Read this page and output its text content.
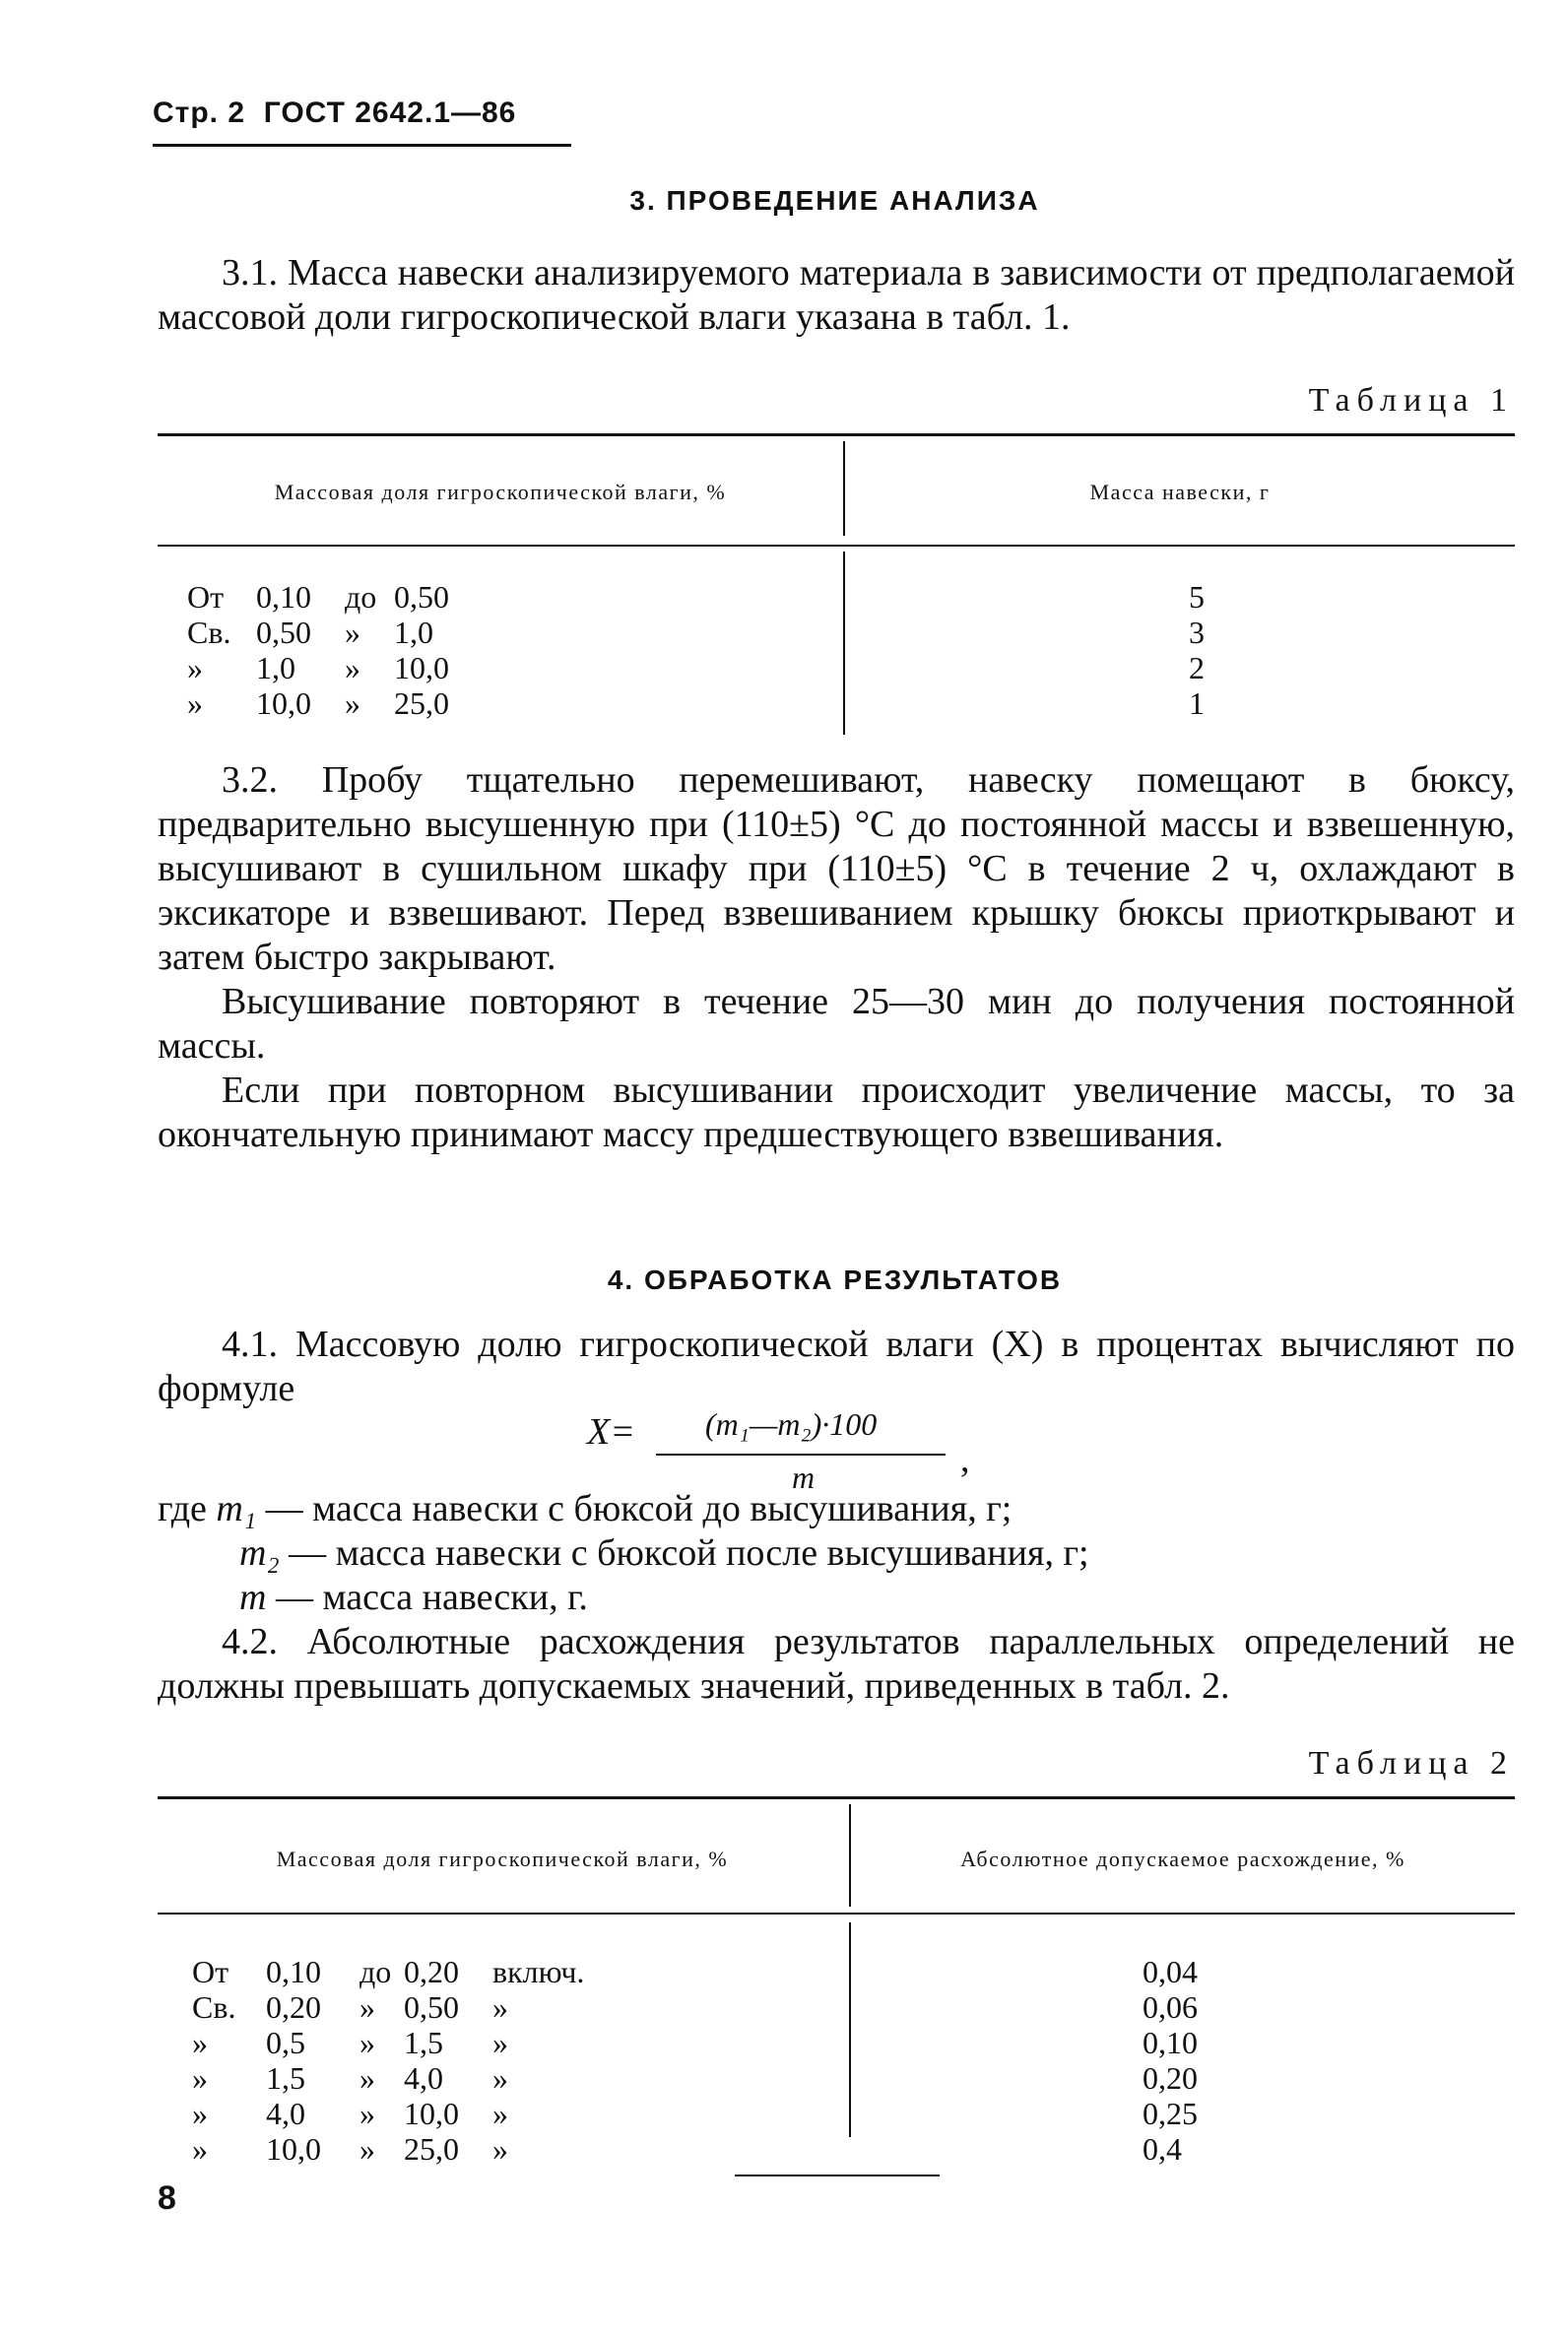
Стр. 2 ГОСТ 2642.1—86
3. ПРОВЕДЕНИЕ АНАЛИЗА

3.1. Масса навески анализируемого материала в зависимости от предполагаемой массовой доли гигроскопической влаги указана в табл. 1.

Таблица 1
Массовая доля гигроскопической влаги, %	Масса навески, г
От 0,10 до 0,50	5
Св. 0,50 » 1,0	3
» 1,0 » 10,0	2
» 10,0 » 25,0	1

3.2. Пробу тщательно перемешивают, навеску помещают в бюксу, предварительно высушенную при (110±5) °С до постоянной массы и взвешенную, высушивают в сушильном шкафу при (110±5) °С в течение 2 ч, охлаждают в эксикаторе и взвешивают. Перед взвешиванием крышку бюксы приоткрывают и затем быстро закрывают.

Высушивание повторяют в течение 25—30 мин до получения постоянной массы.

Если при повторном высушивании происходит увеличение массы, то за окончательную принимают массу предшествующего взвешивания.

4. ОБРАБОТКА РЕЗУЛЬТАТОВ

4.1. Массовую долю гигроскопической влаги (X) в процентах вычисляют по формуле

X= (m₁—m₂)·100
m	,
где m₁ — масса навески с бюксой до высушивания, г;
m₂ — масса навески с бюксой после высушивания, г;
m — масса навески, г.

4.2. Абсолютные расхождения результатов параллельных определений не должны превышать допускаемых значений, приведенных в табл. 2.

Таблица 2
Массовая доля гигроскопической влаги, %	Абсолютное допускаемое расхождение, %
От 0,10 до 0,20 включ.	0,04
Св. 0,20 » 0,50 »	0,06
» 0,5 » 1,5 »	0,10
» 1,5 » 4,0 »	0,20
» 4,0 » 10,0 »	0,25
» 10,0 » 25,0 »	0,4
8
